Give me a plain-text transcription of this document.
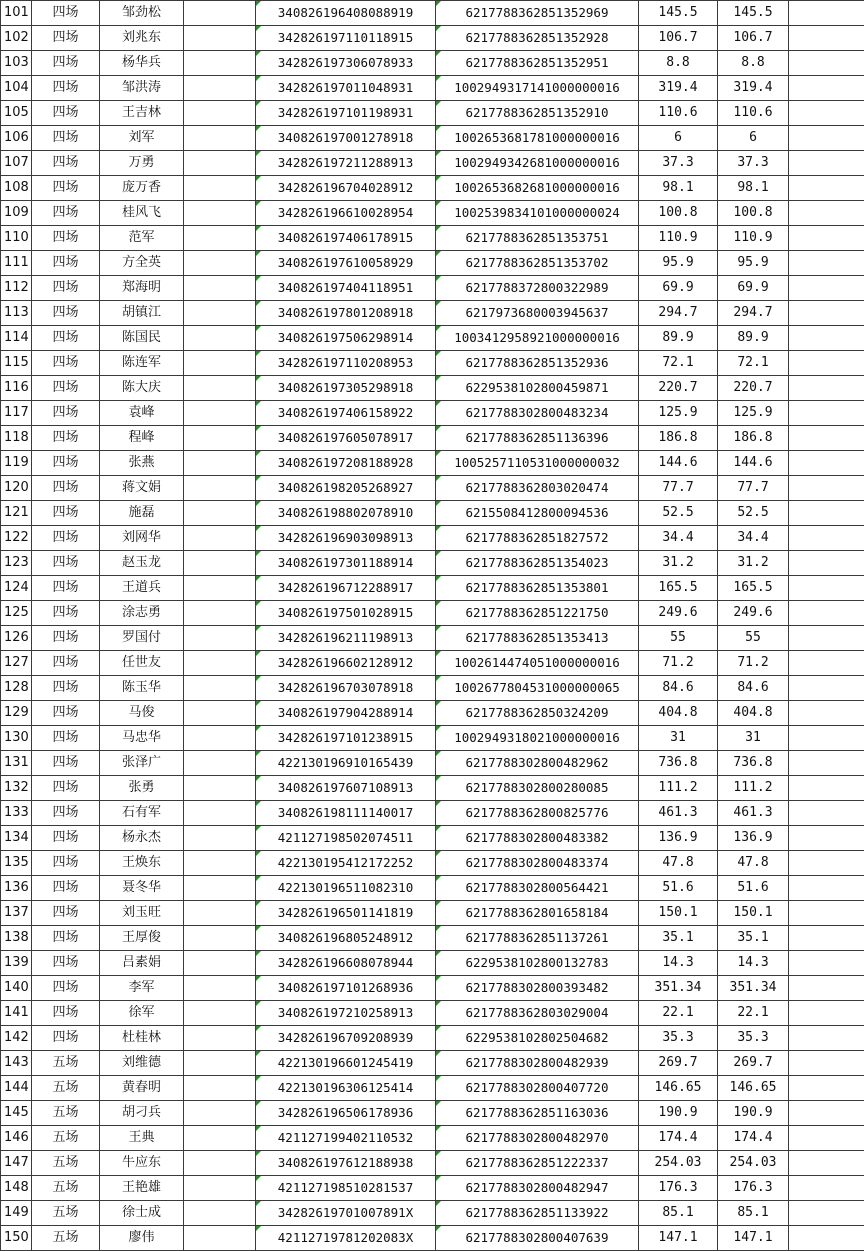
101	四场	邹劲松		340826196408088919	6217788362851352969	145.5	145.5	
102	四场	刘兆东		342826197110118915	6217788362851352928	106.7	106.7	
103	四场	杨华兵		342826197306078933	6217788362851352951	8.8	8.8	
104	四场	邹洪涛		342826197011048931	1002949317141000000016	319.4	319.4	
105	四场	王吉林		342826197101198931	6217788362851352910	110.6	110.6	
106	四场	刘军		340826197001278918	1002653681781000000016	6	6	
107	四场	万勇		342826197211288913	1002949342681000000016	37.3	37.3	
108	四场	庞万香		342826196704028912	1002653682681000000016	98.1	98.1	
109	四场	桂风飞		342826196610028954	1002539834101000000024	100.8	100.8	
110	四场	范军		340826197406178915	6217788362851353751	110.9	110.9	
111	四场	方全英		340826197610058929	6217788362851353702	95.9	95.9	
112	四场	郑海明		340826197404118951	6217788372800322989	69.9	69.9	
113	四场	胡镇江		340826197801208918	6217973680003945637	294.7	294.7	
114	四场	陈国民		340826197506298914	1003412958921000000016	89.9	89.9	
115	四场	陈连军		342826197110208953	6217788362851352936	72.1	72.1	
116	四场	陈大庆		340826197305298918	6229538102800459871	220.7	220.7	
117	四场	袁峰		340826197406158922	6217788302800483234	125.9	125.9	
118	四场	程峰		340826197605078917	6217788362851136396	186.8	186.8	
119	四场	张燕		340826197208188928	1005257110531000000032	144.6	144.6	
120	四场	蒋文娟		340826198205268927	6217788362803020474	77.7	77.7	
121	四场	施磊		340826198802078910	6215508412800094536	52.5	52.5	
122	四场	刘网华		342826196903098913	6217788362851827572	34.4	34.4	
123	四场	赵玉龙		340826197301188914	6217788362851354023	31.2	31.2	
124	四场	王道兵		342826196712288917	6217788362851353801	165.5	165.5	
125	四场	涂志勇		340826197501028915	6217788362851221750	249.6	249.6	
126	四场	罗国付		342826196211198913	6217788362851353413	55	55	
127	四场	任世友		342826196602128912	1002614474051000000016	71.2	71.2	
128	四场	陈玉华		342826196703078918	1002677804531000000065	84.6	84.6	
129	四场	马俊		340826197904288914	6217788362850324209	404.8	404.8	
130	四场	马忠华		342826197101238915	1002949318021000000016	31	31	
131	四场	张泽广		422130196910165439	6217788302800482962	736.8	736.8	
132	四场	张勇		340826197607108913	6217788302800280085	111.2	111.2	
133	四场	石有军		340826198111140017	6217788362800825776	461.3	461.3	
134	四场	杨永杰		421127198502074511	6217788302800483382	136.9	136.9	
135	四场	王焕东		422130195412172252	6217788302800483374	47.8	47.8	
136	四场	聂冬华		422130196511082310	6217788302800564421	51.6	51.6	
137	四场	刘玉旺		342826196501141819	6217788362801658184	150.1	150.1	
138	四场	王厚俊		340826196805248912	6217788362851137261	35.1	35.1	
139	四场	吕素娟		342826196608078944	6229538102800132783	14.3	14.3	
140	四场	李军		340826197101268936	6217788302800393482	351.34	351.34	
141	四场	徐军		340826197210258913	6217788362803029004	22.1	22.1	
142	四场	杜桂林		342826196709208939	6229538102802504682	35.3	35.3	
143	五场	刘维德		422130196601245419	6217788302800482939	269.7	269.7	
144	五场	黄春明		422130196306125414	6217788302800407720	146.65	146.65	
145	五场	胡刁兵		342826196506178936	6217788362851163036	190.9	190.9	
146	五场	王典		421127199402110532	6217788302800482970	174.4	174.4	
147	五场	牛应东		340826197612188938	6217788362851222337	254.03	254.03	
148	五场	王艳雄		421127198510281537	6217788302800482947	176.3	176.3	
149	五场	徐士成		34282619701007891X	6217788362851133922	85.1	85.1	
150	五场	廖伟		42112719781202083X	6217788302800407639	147.1	147.1	
